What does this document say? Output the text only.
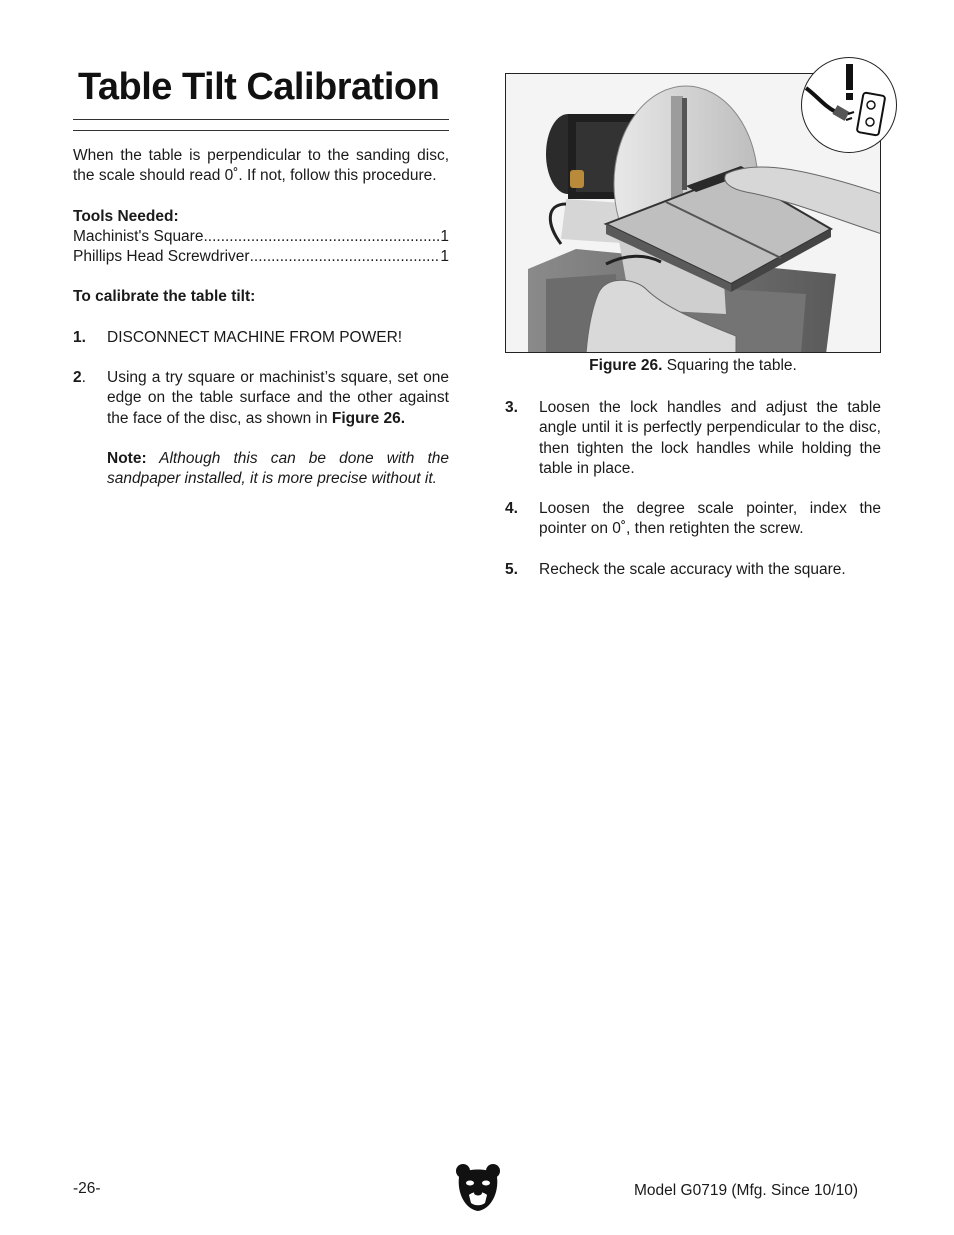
Table Tilt Calibration

When the table is perpendicular to the sanding disc, the scale should read 0˚. If not, follow this procedure.

Tools Needed:

Machinist's Square .....	1
Phillips Head Screwdriver .....	1

To calibrate the table tilt:

1.	DISCONNECT MACHINE FROM POWER!
2.	Using a try square or machinist’s square, set one edge on the table surface and the other against the face of the disc, as shown in Figure 26.

Note: Although this can be done with the sandpaper installed, it is more precise without it.

Figure 26. Squaring the table.
3.	Loosen the lock handles and adjust the table angle until it is perfectly perpendicular to the disc, then tighten the lock handles while holding the table in place.
4.	Loosen the degree scale pointer, index the pointer on 0˚, then retighten the screw.
5.	Recheck the scale accuracy with the square.
-26-	Model G0719 (Mfg. Since 10/10)
